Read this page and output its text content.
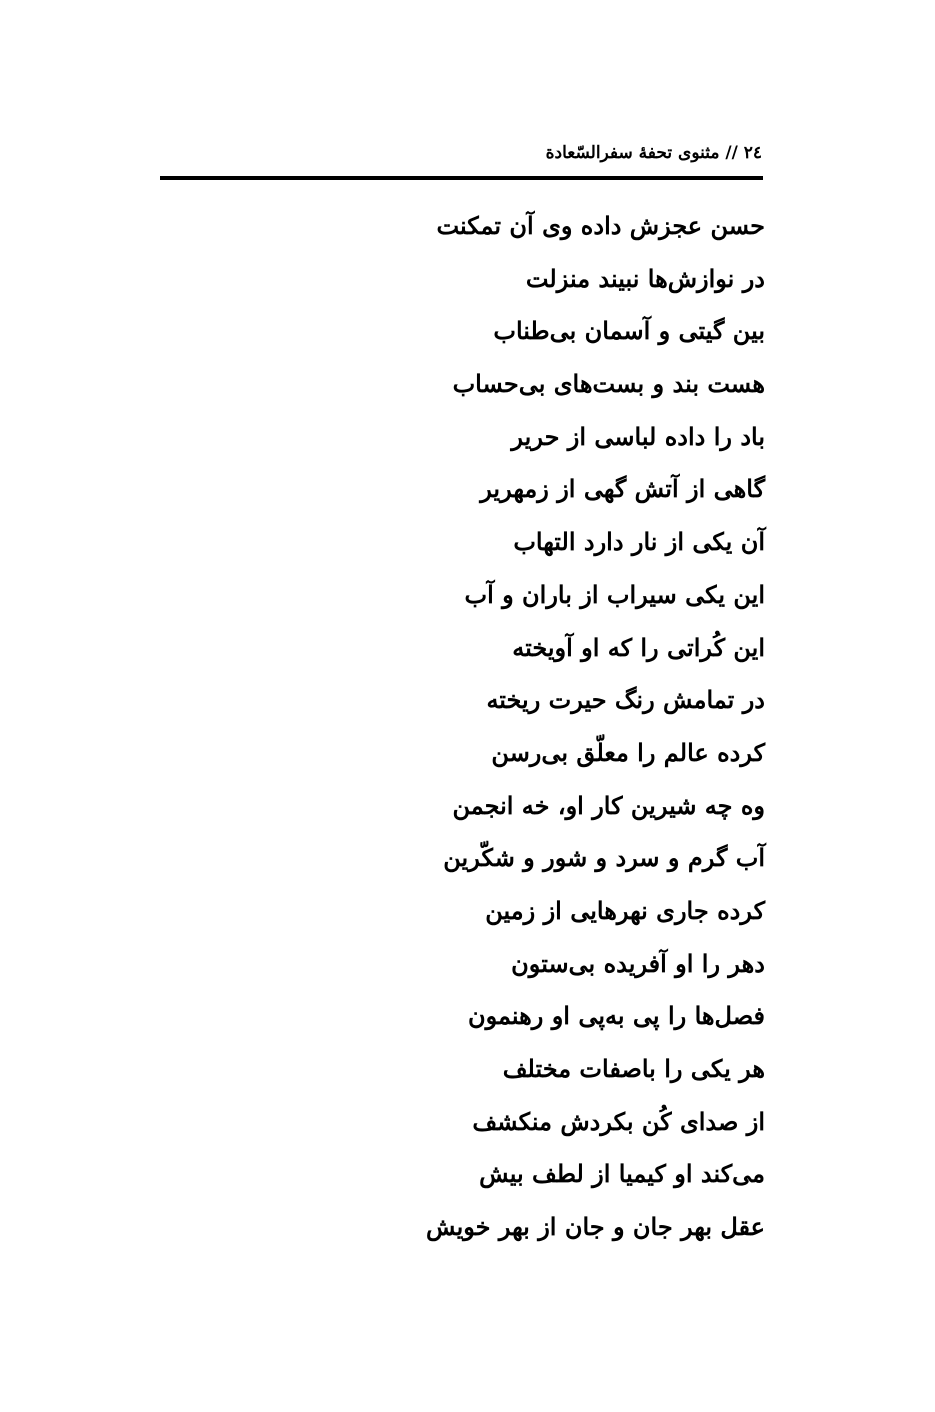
٢٤ // مثنوی تحفهٔ سفرالسّعادة
حسن عجزش داده وی آن تمکنت
در نوازش‌ها نبیند منزلت
بین گیتی و آسمان بی‌طناب
هست بند و بست‌های بی‌حساب
باد را داده لباسی از حریر
گاهی از آتش گهی از زمهریر
آن یکی از نار دارد التهاب
این یکی سیراب از باران و آب
این کُراتی را که او آویخته
در تمامش رنگ حیرت ریخته
کرده عالم را معلّق بی‌رسن
وه چه شیرین کار او، خه انجمن
آب گرم و سرد و شور و شکّرین
کرده جاری نهرهایی از زمین
دهر را او آفریده بی‌ستون
فصل‌ها را پی به‌پی او رهنمون
هر یکی را باصفات مختلف
از صدای کُن بکردش منکشف
می‌کند او کیمیا از لطف بیش
عقل بهر جان و جان از بهر خویش
